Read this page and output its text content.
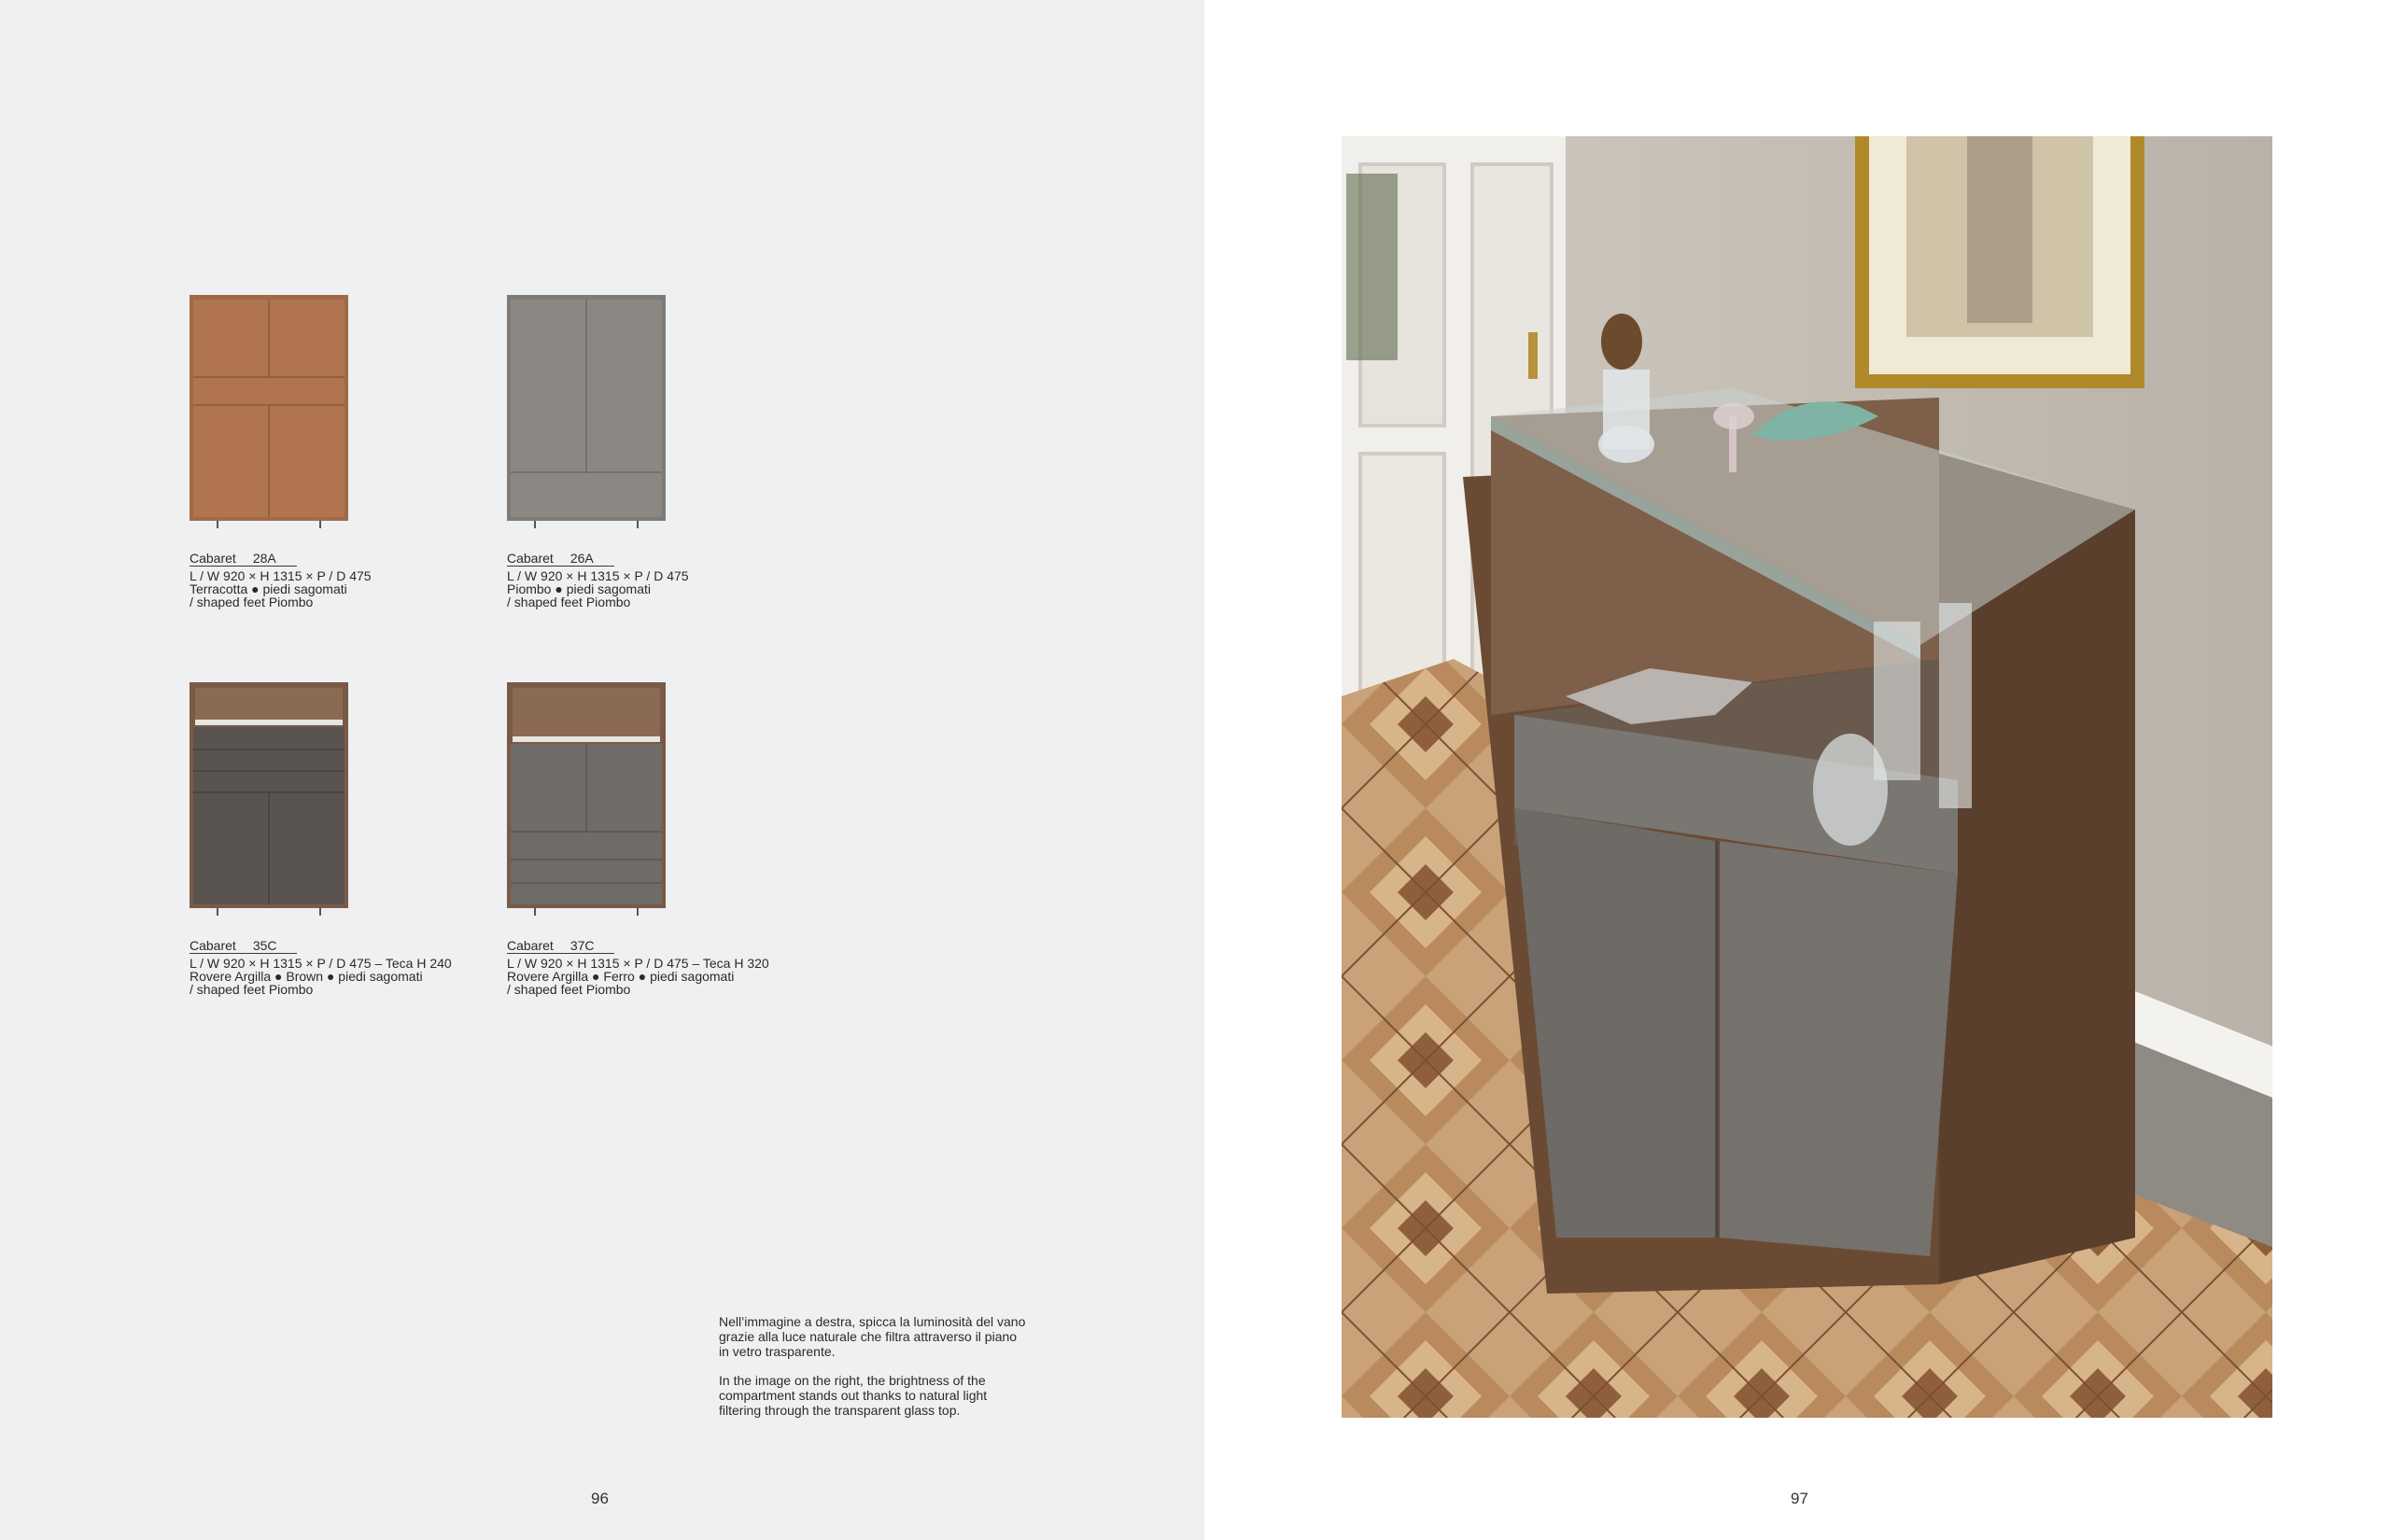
Cabaret 28A
L / W 920 × H 1315 × P / D 475
Terracotta ● piedi sagomati
/ shaped feet Piombo
Cabaret 26A
L / W 920 × H 1315 × P / D 475
Piombo ● piedi sagomati
/ shaped feet Piombo
Cabaret 35C
L / W 920 × H 1315 × P / D 475 – Teca H 240
Rovere Argilla ● Brown ● piedi sagomati
/ shaped feet Piombo
Cabaret 37C
L / W 920 × H 1315 × P / D 475 – Teca H 320
Rovere Argilla ● Ferro ● piedi sagomati
/ shaped feet Piombo

Nell’immagine a destra, spicca la luminosità del vano grazie alla luce naturale che filtra attraverso il piano in vetro trasparente.

In the image on the right, the brightness of the compartment stands out thanks to natural light filtering through the transparent glass top.

96	97
